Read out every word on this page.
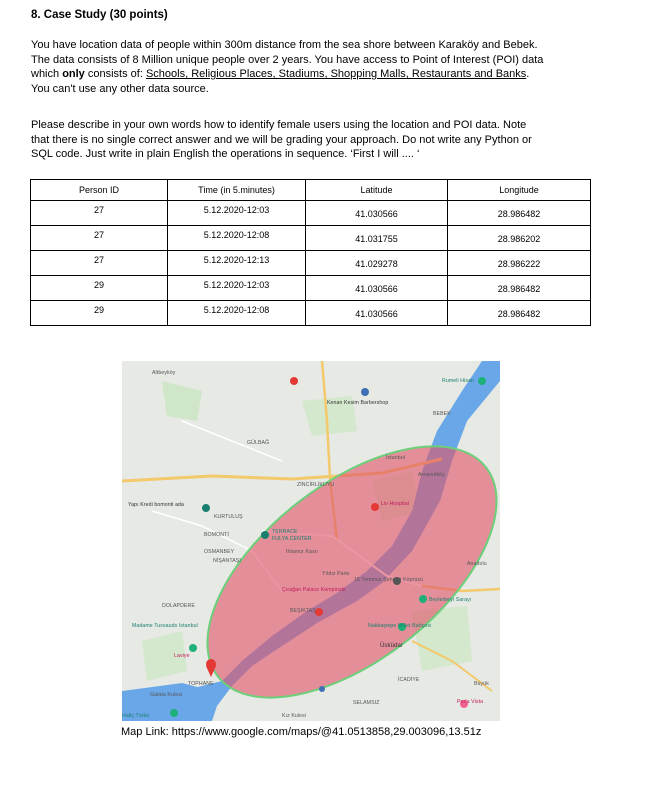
8. Case Study (30 points)
You have location data of people within 300m distance from the sea shore between Karaköy and Bebek.
The data consists of 8 Million unique people over 2 years. You have access to Point of Interest (POI) data
which only consists of: Schools, Religious Places, Stadiums, Shopping Malls, Restaurants and Banks.
You can't use any other data source.
Please describe in your own words how to identify female users using the location and POI data. Note
that there is no single correct answer and we will be grading your approach. Do not write any Python or
SQL code. Just write in plain English the operations in sequence. ‘First I will .... ‘
Person ID	Time (in 5.minutes)	Latitude	Longitude
27	5.12.2020-12:03	41.030566	28.986482
27	5.12.2020-12:08	41.031755	28.986202
27	5.12.2020-12:13	41.029278	28.986222
29	5.12.2020-12:03	41.030566	28.986482
29	5.12.2020-12:08	41.030566	28.986482
Altbeyköy
Kenan Kesim Barbershop
Rumeli Hisarı
BEBEK
Arnavutköy
GÜLBAĞ
ZİNCİRLİKUYU
Yapı Kredi bomonti ada
KURTULUŞ
Liv Hospital
BOMONTİ	TERRACE
FULYA CENTER
Ihlamur Kasrı
OSMANBEY
NİŞANTAŞI
Yıldız Parkı
Çırağan Palace Kempinski
15 Temmuz Şehitler Köprüsü
Beylerbeyi Sarayı
BEŞİKTAŞ
DOLAPDERE
Madame Tussauds Istanbul	Nakkaştepe Millet Bahçesi
Üsküdar
TOPHANE
İCADİYE
Galata Kulesi
SELAMSIZ
Kız Kulesi
Büyük
Laviye
İstanbul
Haliç Türkü
Anadolu
Perla Vista
Map Link: https://www.google.com/maps/@41.0513858,29.003096,13.51z
